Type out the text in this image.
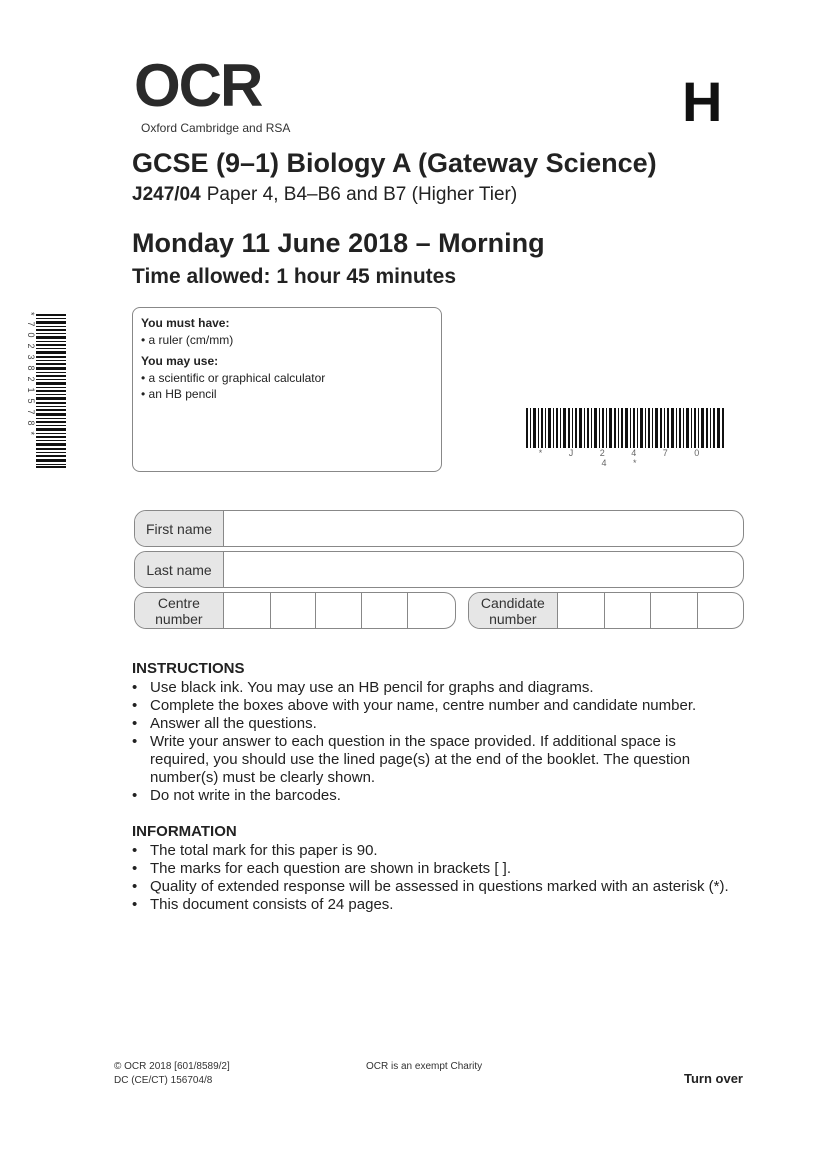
OCR
Oxford Cambridge and RSA	H
GCSE (9–1) Biology A (Gateway Science)
J247/04 Paper 4, B4–B6 and B7 (Higher Tier)
Monday 11 June 2018 – Morning
Time allowed: 1 hour 45 minutes
You must have:
• a ruler (cm/mm)
You may use:
• a scientific or graphical calculator
• an HB pencil
*7023821578*
* J 2 4 7 0 4 *
First name
Last name
Centre
number
Candidate
number
INSTRUCTIONS
• Use black ink. You may use an HB pencil for graphs and diagrams.
• Complete the boxes above with your name, centre number and candidate number.
• Answer all the questions.
• Write your answer to each question in the space provided. If additional space is required, you should use the lined page(s) at the end of the booklet. The question number(s) must be clearly shown.
• Do not write in the barcodes.
INFORMATION
• The total mark for this paper is 90.
• The marks for each question are shown in brackets [ ].
• Quality of extended response will be assessed in questions marked with an asterisk (*).
• This document consists of 24 pages.
© OCR 2018 [601/8589/2]
DC (CE/CT) 156704/8
OCR is an exempt Charity
Turn over
